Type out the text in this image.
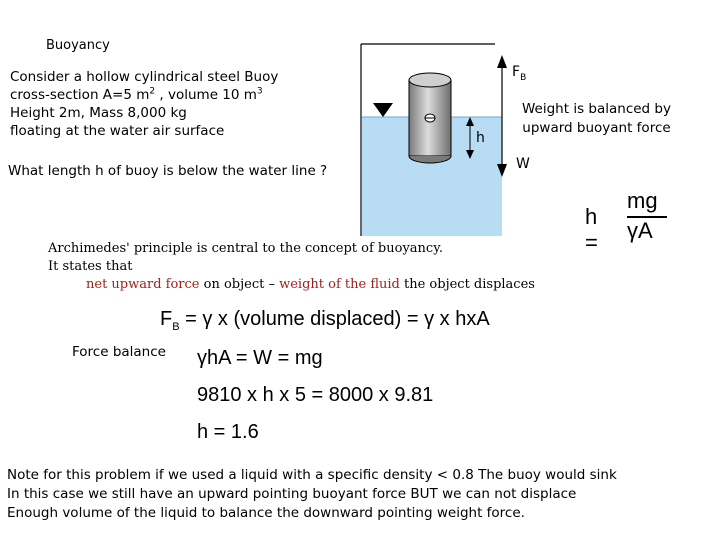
Buoyancy
Consider a hollow cylindrical steel Buoy
cross-section A=5 $m^2$ , volume 10 $m^3$
Height 2m, Mass 8,000 kg
floating at the water air surface
What length h of buoy is below the water line ?
$F_B$
h
W
Weight is balanced by
upward buoyant force
h =
mg
γA
Archimedes' principle is central to the concept of buoyancy.
It states that
net upward force on object – weight of the fluid the object displaces
$F_B = \gamma$ x (volume displaced) = γ x hxA
Force balance γhA = W = mg
9810 x h x 5 = 8000 x 9.81
h = 1.6
Note for this problem if we used a liquid with a specific density < 0.8 The buoy would sink
In this case we still have an upward pointing buoyant force BUT we can not displace
Enough volume of the liquid to balance the downward pointing weight force.
